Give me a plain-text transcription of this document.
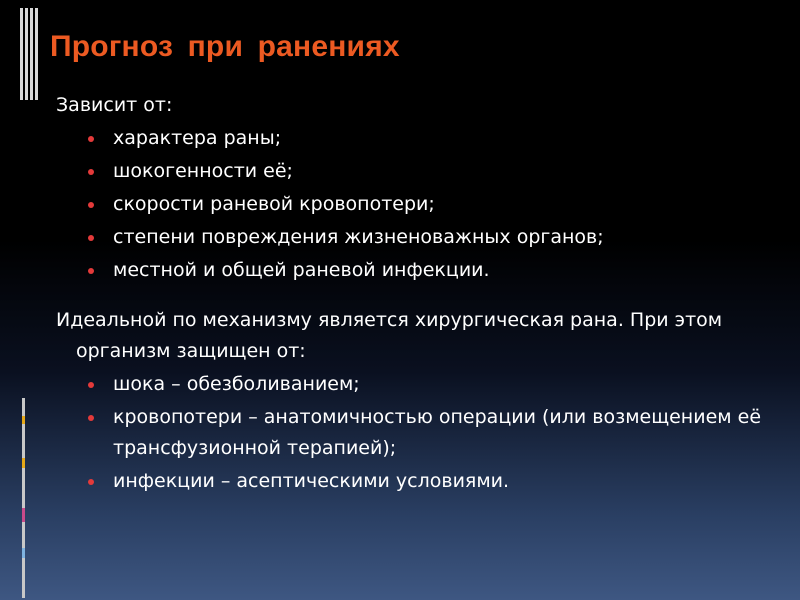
Прогноз при ранениях

Зависит от:

характера раны;
шокогенности её;
скорости раневой кровопотери;
степени повреждения жизненоважных органов;
местной и общей раневой инфекции.

Идеальной по механизму является хирургическая рана. При этом организм защищен от:

шока – обезболиванием;
кровопотери – анатомичностью операции (или возмещением её трансфузионной терапией);
инфекции – асептическими условиями.
